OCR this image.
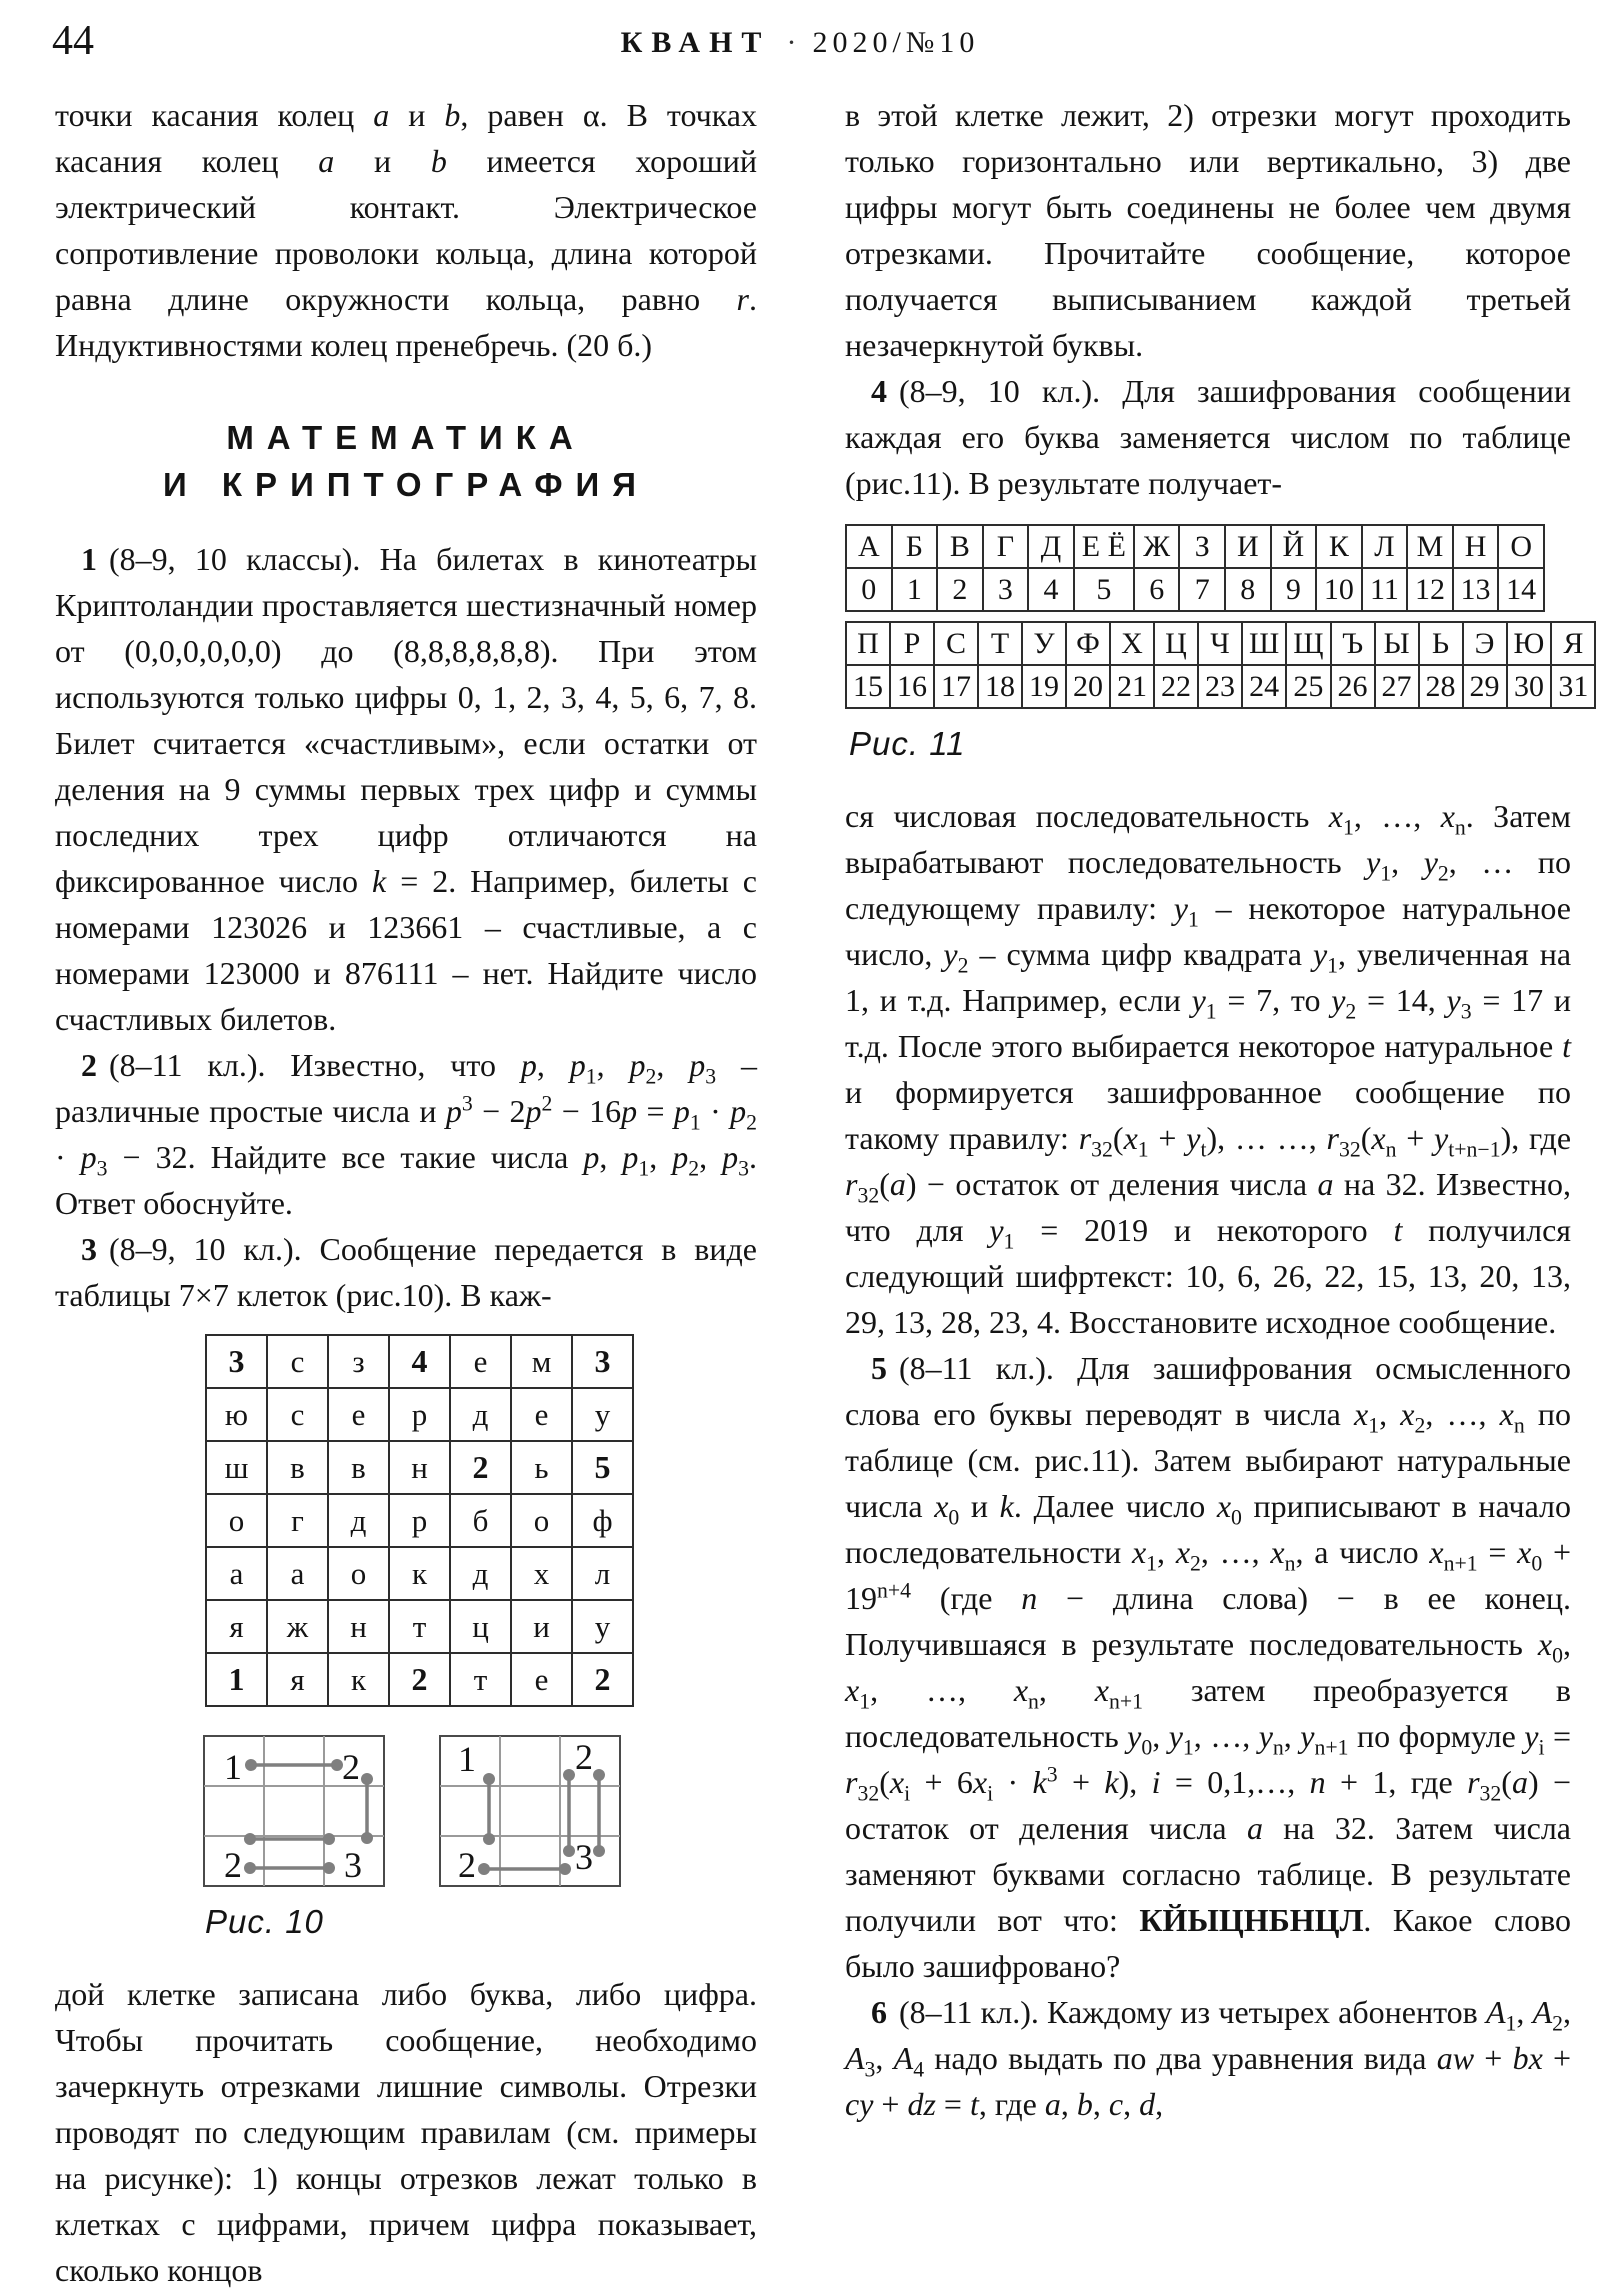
44	КВАНТ · 2020/№10

точки касания колец a и b, равен α. В точках касания колец a и b имеется хороший электрический контакт. Электрическое сопротивление проволоки кольца, длина которой равна длине окружности кольца, равно r. Индуктивностями колец пренебречь. (20 б.)

МАТЕМАТИКА
И КРИПТОГРАФИЯ

1 (8–9, 10 классы). На билетах в кинотеатры Криптоландии проставляется шестизначный номер от (0,0,0,0,0,0) до (8,8,8,8,8,8). При этом используются только цифры 0, 1, 2, 3, 4, 5, 6, 7, 8. Билет считается «счастливым», если остатки от деления на 9 суммы первых трех цифр и суммы последних трех цифр отличаются на фиксированное число k = 2. Например, билеты с номерами 123026 и 123661 – счастливые, а с номерами 123000 и 876111 – нет. Найдите число счастливых билетов.

2 (8–11 кл.). Известно, что p, $p_1$, $p_2$, $p_3$ – различные простые числа и $p^3 - 2p^2 - 16p = p_1 \cdot p_2 \cdot p_3 - 32$. Найдите все такие числа p, $p_1$, $p_2$, $p_3$. Ответ обоснуйте.

3 (8–9, 10 кл.). Сообщение передается в виде таблицы 7×7 клеток (рис.10). В каж-

3	с	з	4	е	м	3
ю	с	е	р	д	е	у
ш	в	в	н	2	ь	5
о	г	д	р	б	о	ф
а	а	о	к	д	х	л
я	ж	н	т	ц	и	у
1	я	к	2	т	е	2
1	2
2	3
1	2
2	3
Рис. 10

дой клетке записана либо буква, либо цифра. Чтобы прочитать сообщение, необходимо зачеркнуть отрезками лишние символы. Отрезки проводят по следующим правилам (см. примеры на рисунке): 1) концы отрезков лежат только в клетках с цифрами, причем цифра показывает, сколько концов

в этой клетке лежит, 2) отрезки могут проходить только горизонтально или вертикально, 3) две цифры могут быть соединены не более чем двумя отрезками. Прочитайте сообщение, которое получается выписыванием каждой третьей незачеркнутой буквы.

4 (8–9, 10 кл.). Для зашифрования сообщении каждая его буква заменяется числом по таблице (рис.11). В результате получает-

А	Б	В	Г	Д	Е Ё	Ж	З	И	Й	К	Л	М	Н	О
0	1	2	3	4	5	6	7	8	9	10	11	12	13	14
П	Р	С	Т	У	Ф	Х	Ц	Ч	Ш	Щ	Ъ	Ы	Ь	Э	Ю	Я
15	16	17	18	19	20	21	22	23	24	25	26	27	28	29	30	31
Рис. 11

ся числовая последовательность $x_1$, …, $x_n$. Затем вырабатывают последовательность $y_1$, $y_2$, … по следующему правилу: $y_1$ – некоторое натуральное число, $y_2$ – сумма цифр квадрата $y_1$, увеличенная на 1, и т.д. Например, если $y_1 = 7$, то $y_2 = 14$, $y_3 = 17$ и т.д. После этого выбирается некоторое натуральное t и формируется зашифрованное сообщение по такому правилу: $r_{32}(x_1 + y_t)$, … …, $r_{32}(x_n + y_{t+n-1})$, где $r_{32}(a)$ − остаток от деления числа a на 32. Известно, что для $y_1 = 2019$ и некоторого t получился следующий шифртекст: 10, 6, 26, 22, 15, 13, 20, 13, 29, 13, 28, 23, 4. Восстановите исходное сообщение.

5 (8–11 кл.). Для зашифрования осмысленного слова его буквы переводят в числа $x_1$, $x_2$, …, $x_n$ по таблице (см. рис.11). Затем выбирают натуральные числа $x_0$ и k. Далее число $x_0$ приписывают в начало последовательности $x_1$, $x_2$, …, $x_n$, а число $x_{n+1} = x_0 + 19^{n+4}$ (где n − длина слова) − в ее конец. Получившаяся в результате последовательность $x_0$, $x_1$, …, $x_n$, $x_{n+1}$ затем преобразуется в последовательность $y_0$, $y_1$, …, $y_n$, $y_{n+1}$ по формуле $y_i = r_{32}(x_i + 6x_i \cdot k^3 + k)$, i = 0,1,…, n + 1, где $r_{32}(a)$ − остаток от деления числа a на 32. Затем числа заменяют буквами согласно таблице. В результате получили вот что: КЙЫЦНБНЦЛ. Какое слово было зашифровано?

6 (8–11 кл.). Каждому из четырех абонентов $A_1$, $A_2$, $A_3$, $A_4$ надо выдать по два уравнения вида aw + bx + cy + dz = t, где a, b, c, d,
